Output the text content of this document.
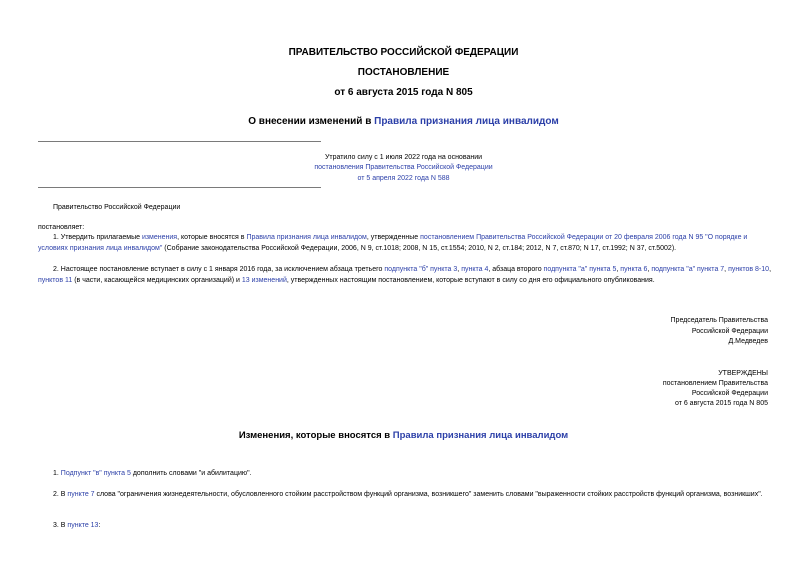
ПРАВИТЕЛЬСТВО РОССИЙСКОЙ ФЕДЕРАЦИИ
ПОСТАНОВЛЕНИЕ
от 6 августа 2015 года N 805
О внесении изменений в Правила признания лица инвалидом
Утратило силу с 1 июля 2022 года на основании
постановления Правительства Российской Федерации
от 5 апреля 2022 года N 588
Правительство Российской Федерации
постановляет:
1. Утвердить прилагаемые изменения, которые вносятся в Правила признания лица инвалидом, утвержденные постановлением Правительства Российской Федерации от 20 февраля 2006 года N 95 "О порядке и условиях признания лица инвалидом" (Собрание законодательства Российской Федерации, 2006, N 9, ст.1018; 2008, N 15, ст.1554; 2010, N 2, ст.184; 2012, N 7, ст.870; N 17, ст.1992; N 37, ст.5002).
2. Настоящее постановление вступает в силу с 1 января 2016 года, за исключением абзаца третьего подпункта "б" пункта 3, пункта 4, абзаца второго подпункта "а" пункта 5, пункта 6, подпункта "а" пункта 7, пунктов 8-10, пунктов 11 (в части, касающейся медицинских организаций) и 13 изменений, утвержденных настоящим постановлением, которые вступают в силу со дня его официального опубликования.
Председатель Правительства
Российской Федерации
Д.Медведев
УТВЕРЖДЕНЫ
постановлением Правительства
Российской Федерации
от 6 августа 2015 года N 805
Изменения, которые вносятся в Правила признания лица инвалидом
1. Подпункт "в" пункта 5 дополнить словами "и абилитацию".
2. В пункте 7 слова "ограничения жизнедеятельности, обусловленного стойким расстройством функций организма, возникшего" заменить словами "выраженности стойких расстройств функций организма, возникших".
3. В пункте 13:
